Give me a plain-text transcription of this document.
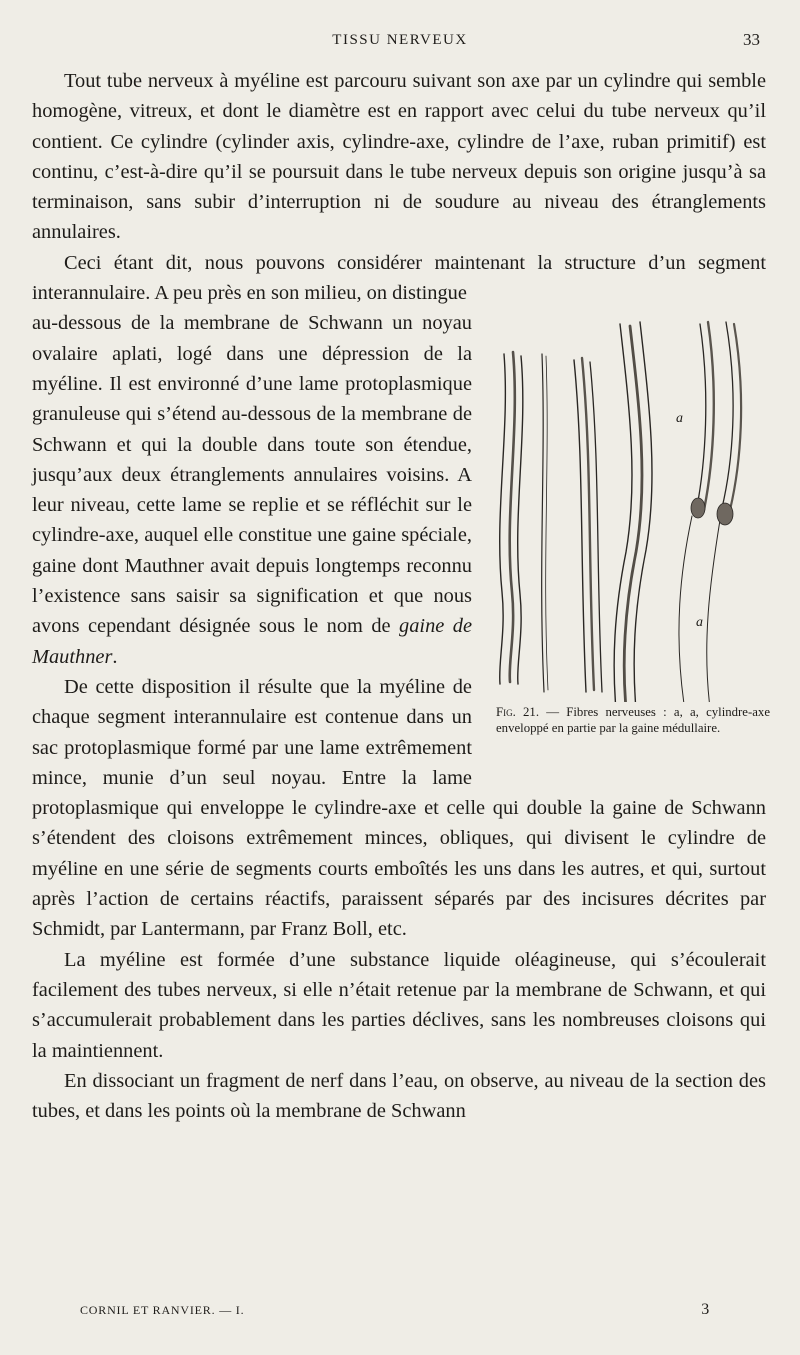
TISSU NERVEUX	33

Tout tube nerveux à myéline est parcouru suivant son axe par un cylindre qui semble homogène, vitreux, et dont le diamètre est en rapport avec celui du tube nerveux qu’il contient. Ce cylindre (cylinder axis, cylindre-axe, cylindre de l’axe, ruban primitif) est continu, c’est-à-dire qu’il se poursuit dans le tube nerveux depuis son origine jusqu’à sa terminaison, sans subir d’interruption ni de soudure au niveau des étranglements annulaires.

Ceci étant dit, nous pouvons considérer maintenant la structure d’un segment interannulaire. A peu près en son milieu, on distingue

a
a
Fig. 21. — Fibres nerveuses : a, a, cylindre-axe enveloppé en partie par la gaine médullaire.

au-dessous de la membrane de Schwann un noyau ovalaire aplati, logé dans une dépression de la myéline. Il est environné d’une lame protoplasmique granuleuse qui s’étend au-dessous de la membrane de Schwann et qui la double dans toute son étendue, jusqu’aux deux étranglements annulaires voisins. A leur niveau, cette lame se replie et se réfléchit sur le cylindre-axe, auquel elle constitue une gaine spéciale, gaine dont Mauthner avait depuis longtemps reconnu l’existence sans saisir sa signification et que nous avons cependant désignée sous le nom de gaine de Mauthner.

De cette disposition il résulte que la myéline de chaque segment interannulaire est contenue dans un sac protoplasmique formé par une lame extrêmement mince, munie d’un seul noyau. Entre la lame protoplasmique qui enveloppe le cylindre-axe et celle qui double la gaine de Schwann s’étendent des cloisons extrêmement minces, obliques, qui divisent le cylindre de myéline en une série de segments courts emboîtés les uns dans les autres, et qui, surtout après l’action de certains réactifs, paraissent séparés par des incisures décrites par Schmidt, par Lantermann, par Franz Boll, etc.

La myéline est formée d’une substance liquide oléagineuse, qui s’écoulerait facilement des tubes nerveux, si elle n’était retenue par la membrane de Schwann, et qui s’accumulerait probablement dans les parties déclives, sans les nombreuses cloisons qui la maintiennent.

En dissociant un fragment de nerf dans l’eau, on observe, au niveau de la section des tubes, et dans les points où la membrane de Schwann

CORNIL ET RANVIER. — I.	3
